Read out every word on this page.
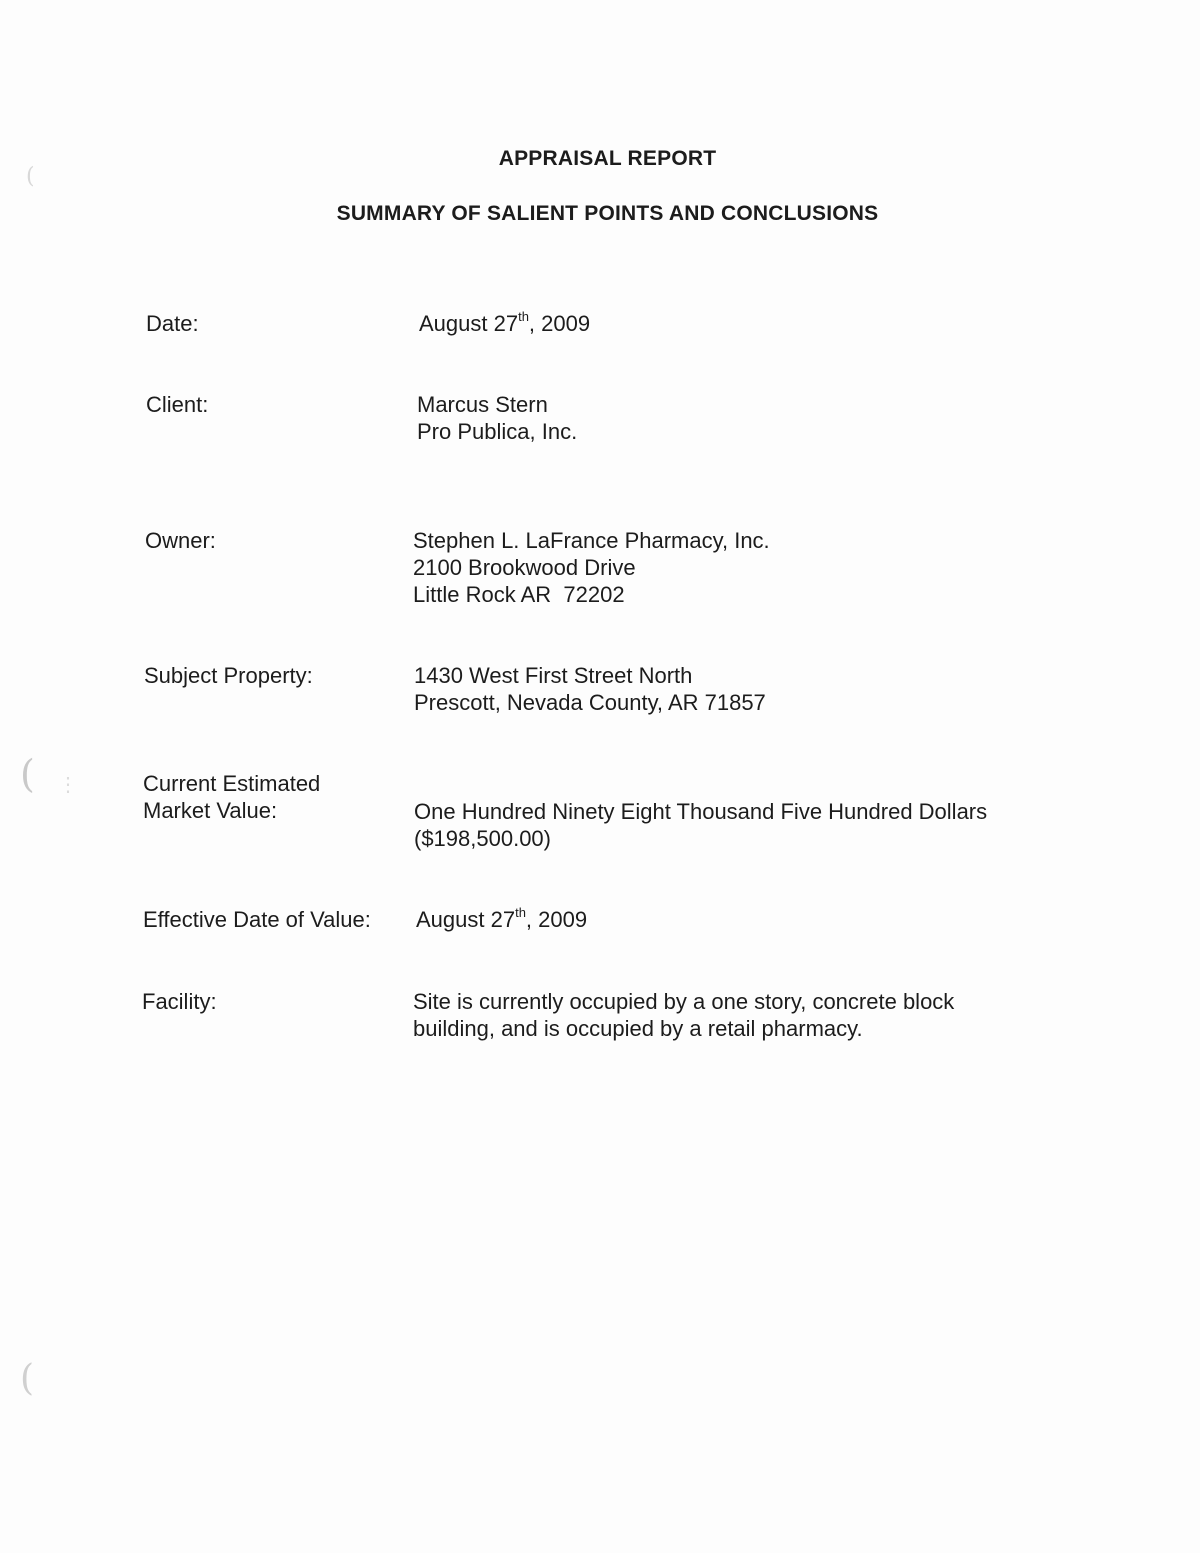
APPRAISAL REPORT
SUMMARY OF SALIENT POINTS AND CONCLUSIONS
Date:	August 27th, 2009
Client:	Marcus Stern
Pro Publica, Inc.
Owner:	Stephen L. LaFrance Pharmacy, Inc.
2100 Brookwood Drive
Little Rock AR  72202
Subject Property:	1430 West First Street North
Prescott, Nevada County, AR 71857
Current Estimated
Market Value:	One Hundred Ninety Eight Thousand Five Hundred Dollars
($198,500.00)
Effective Date of Value: August 27th, 2009
Facility:	Site is currently occupied by a one story, concrete block
building, and is occupied by a retail pharmacy.
(
( ⋮
(
